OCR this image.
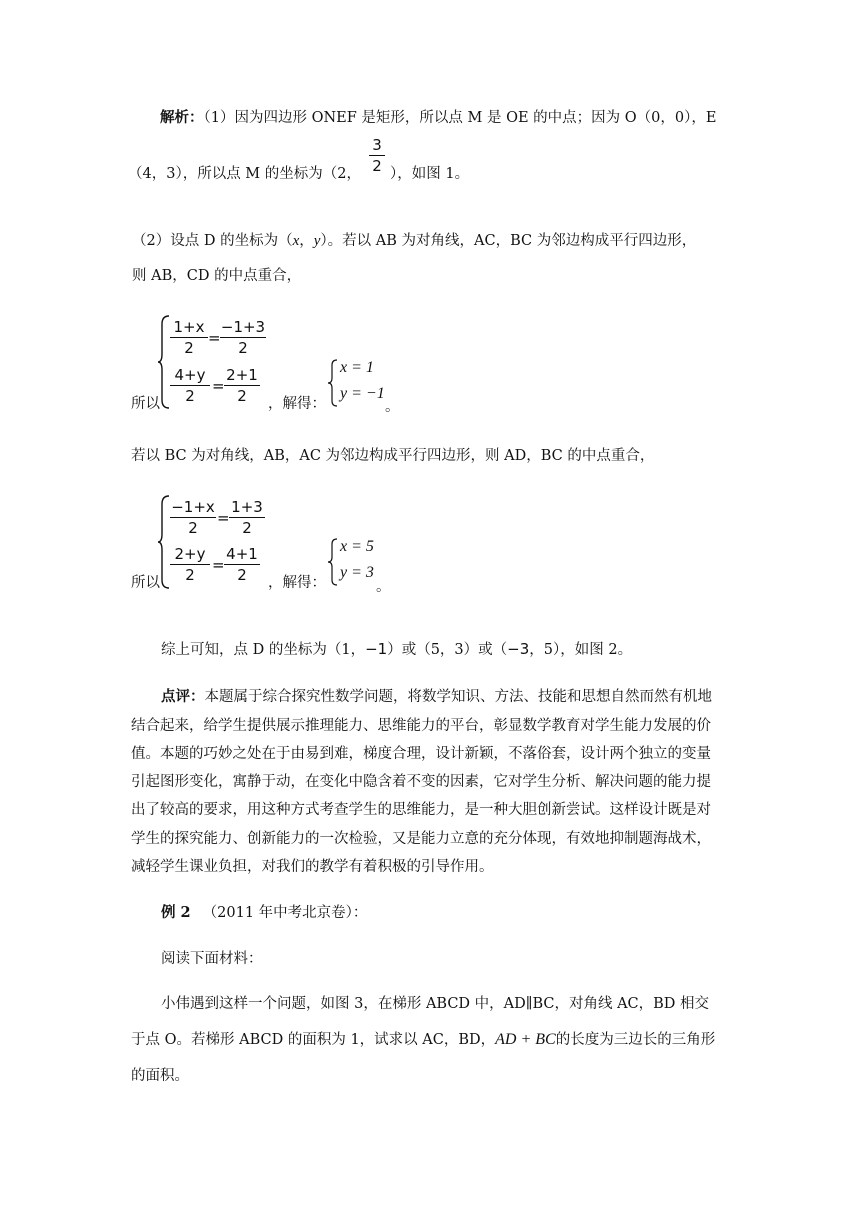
解析：（1）因为四边形 ONEF 是矩形，所以点 M 是 OE 的中点；因为 O（0，0），E
（4，3），所以点 M 的坐标为（2，
3
2 ），如图 1。
（2）设点 D 的坐标为（x，y）。若以 AB 为对角线，AC，BC 为邻边构成平行四边形，
则 AB，CD 的中点重合，
所以
1+x
2
=
−1+3
2
4+y
2
=
2+1
2	，解得：
x = 1
y = −1
。
若以 BC 为对角线，AB，AC 为邻边构成平行四边形，则 AD，BC 的中点重合，
所以
−1+x
2
=
1+3
2
2+y
2
=
4+1
2	，解得：
x = 5
y = 3
。
综上可知，点 D 的坐标为（1，−1）或（5，3）或（−3，5），如图 2。
点评：本题属于综合探究性数学问题，将数学知识、方法、技能和思想自然而然有机地
结合起来，给学生提供展示推理能力、思维能力的平台，彰显数学教育对学生能力发展的价
值。本题的巧妙之处在于由易到难，梯度合理，设计新颖，不落俗套，设计两个独立的变量
引起图形变化，寓静于动，在变化中隐含着不变的因素，它对学生分析、解决问题的能力提
出了较高的要求，用这种方式考查学生的思维能力，是一种大胆创新尝试。这样设计既是对
学生的探究能力、创新能力的一次检验，又是能力立意的充分体现，有效地抑制题海战术，
减轻学生课业负担，对我们的教学有着积极的引导作用。
例 2 （2011 年中考北京卷）：
阅读下面材料：
小伟遇到这样一个问题，如图 3，在梯形 ABCD 中，AD∥BC，对角线 AC，BD 相交
于点 O。若梯形 ABCD 的面积为 1，试求以 AC，BD，AD + BC的长度为三边长的三角形
的面积。
